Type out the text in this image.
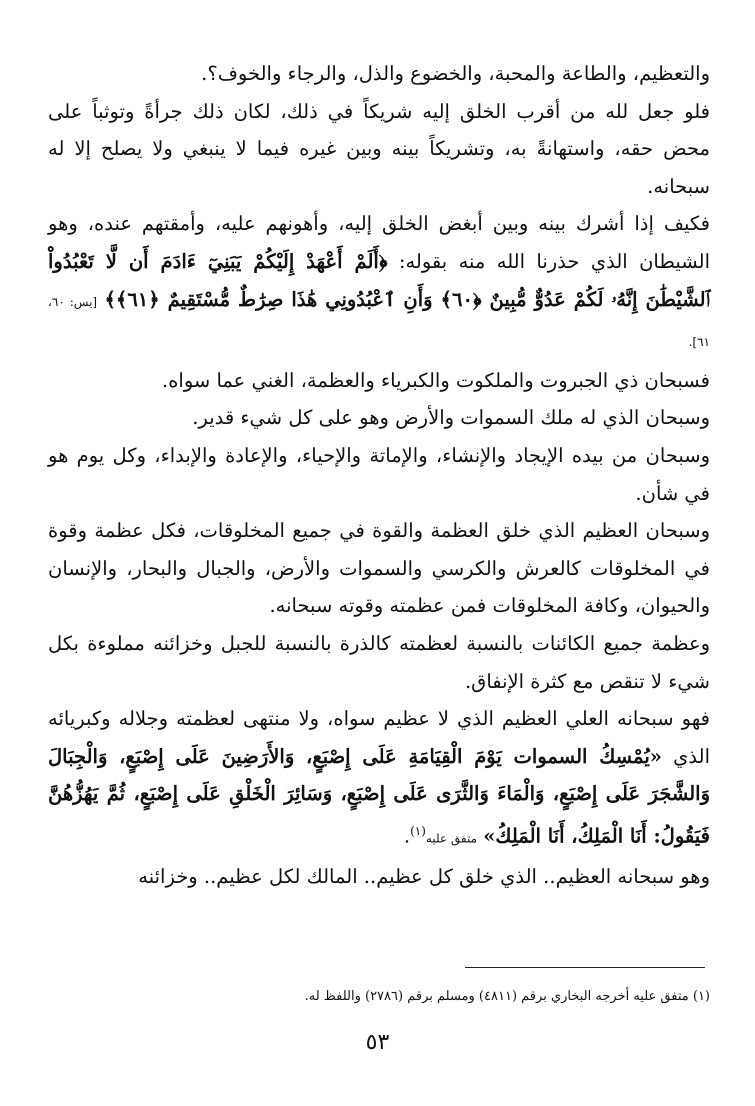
والتعظيم، والطاعة والمحبة، والخضوع والذل، والرجاء والخوف؟.

فلو جعل لله من أقرب الخلق إليه شريكاً في ذلك، لكان ذلك جرأةً وتوثباً على محض حقه، واستهانةً به، وتشريكاً بينه وبين غيره فيما لا ينبغي ولا يصلح إلا له سبحانه.

فكيف إذا أشرك بينه وبين أبغض الخلق إليه، وأهونهم عليه، وأمقتهم عنده، وهو الشيطان الذي حذرنا الله منه بقوله: ﴿أَلَمْ أَعْهَدْ إِلَيْكُمْ يَبَنِيٓ ءَادَمَ أَن لَّا تَعْبُدُواْ ٱلشَّيْطَٰنَ إِنَّهُۥ لَكُمْ عَدُوٌّ مُّبِينٌ ﴿٦٠﴾ وَأَنِ ٱعْبُدُونِي هَٰذَا صِرَٰطٌ مُّسْتَقِيمٌ ﴿٦١﴾﴾ [يس: ٦٠، ٦١].

فسبحان ذي الجبروت والملكوت والكبرياء والعظمة، الغني عما سواه.

وسبحان الذي له ملك السموات والأرض وهو على كل شيء قدير.

وسبحان من بيده الإيجاد والإنشاء، والإماتة والإحياء، والإعادة والإبداء، وكل يوم هو في شأن.

وسبحان العظيم الذي خلق العظمة والقوة في جميع المخلوقات، فكل عظمة وقوة في المخلوقات كالعرش والكرسي والسموات والأرض، والجبال والبحار، والإنسان والحيوان، وكافة المخلوقات فمن عظمته وقوته سبحانه.

وعظمة جميع الكائنات بالنسبة لعظمته كالذرة بالنسبة للجبل وخزائنه مملوءة بكل شيء لا تنقص مع كثرة الإنفاق.

فهو سبحانه العلي العظيم الذي لا عظيم سواه، ولا منتهى لعظمته وجلاله وكبريائه الذي «يُمْسِكُ السموات يَوْمَ الْقِيَامَةِ عَلَى إِصْبَعٍ، وَالأَرَضِينَ عَلَى إِصْبَعٍ، وَالْجِبَالَ وَالشَّجَرَ عَلَى إِصْبَعٍ، وَالْمَاءَ وَالثَّرَى عَلَى إِصْبَعٍ، وَسَائِرَ الْخَلْقِ عَلَى إِصْبَعٍ، ثُمَّ يَهُزُّهُنَّ فَيَقُولُ: أَنَا الْمَلِكُ، أَنَا الْمَلِكُ» متفق عليه$^{(١)}$.

وهو سبحانه العظيم.. الذي خلق كل عظيم.. المالك لكل عظيم.. وخزائنه

(١) متفق عليه أخرجه البخاري برقم (٤٨١١) ومسلم برقم (٢٧٨٦) واللفظ له.
٥٣
